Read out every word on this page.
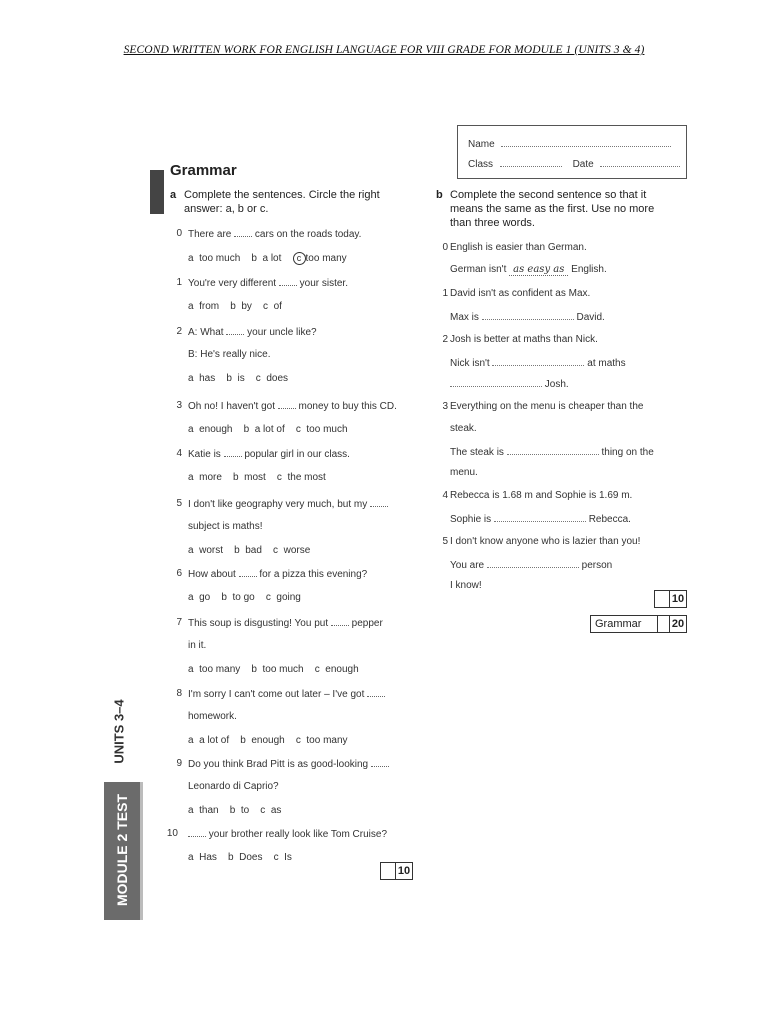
SECOND WRITTEN WORK FOR ENGLISH LANGUAGE FOR VIII GRADE FOR MODULE 1 (UNITS 3 & 4)
Name
Class	Date
Grammar
a Complete the sentences. Circle the right
answer: a, b or c.
0 There are cars on the roads today.
a  too much    b  a lot c too many
1 You're very different your sister.
a  from    b  by    c  of
2 A: What your uncle like?
B: He's really nice.
a  has    b  is    c  does
3 Oh no! I haven't got money to buy this CD.
a  enough    b  a lot of    c  too much
4 Katie is popular girl in our class.
a  more    b  most    c  the most
5 I don't like geography very much, but my
subject is maths!
a  worst    b  bad    c  worse
6 How about for a pizza this evening?
a  go    b  to go    c  going
7 This soup is disgusting! You put pepper
in it.
a  too many    b  too much    c  enough
8 I'm sorry I can't come out later – I've got
homework.
a  a lot of    b  enough    c  too many
9 Do you think Brad Pitt is as good-looking
Leonardo di Caprio?
a  than    b  to    c  as
10	your brother really look like Tom Cruise?
a  Has    b  Does    c  Is
10
b Complete the second sentence so that it
means the same as the first. Use no more
than three words.
0 English is easier than German.
German isn't as easy as English.
1 David isn't as confident as Max.
Max is	David.
2 Josh is better at maths than Nick.
Nick isn't	at maths
Josh.
3 Everything on the menu is cheaper than the
steak.
The steak is	thing on the
menu.
4 Rebecca is 1.68 m and Sophie is 1.69 m.
Sophie is	Rebecca.
5 I don't know anyone who is lazier than you!
You are	person
I know!
10
Grammar	20
UNITS 3–4
MODULE 2 TEST
